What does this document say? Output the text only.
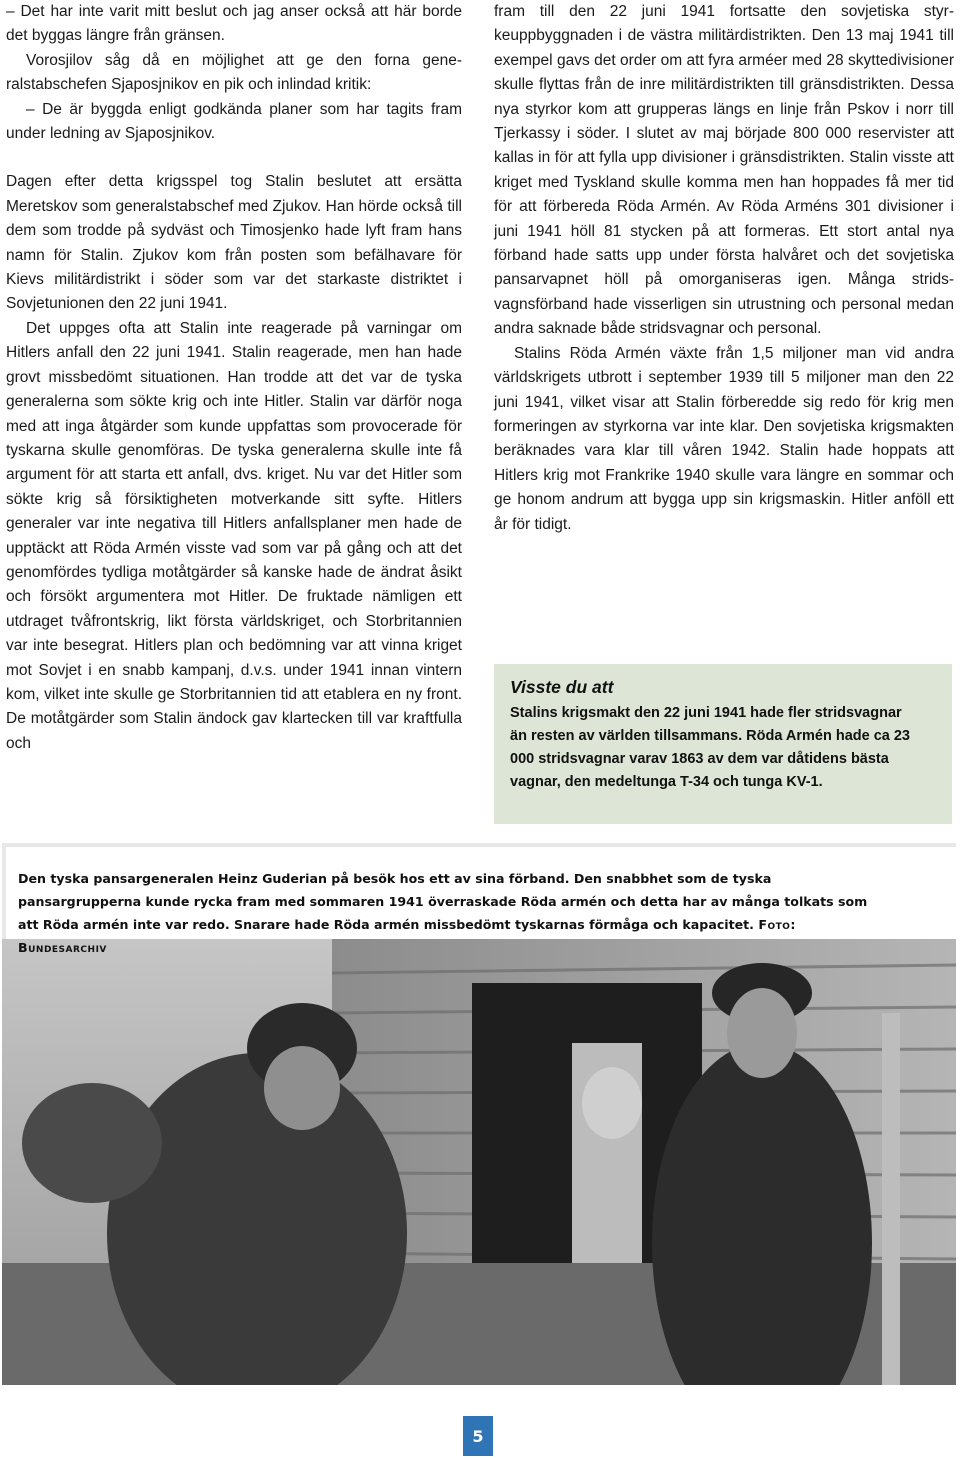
– Det har inte varit mitt beslut och jag anser också att här borde det byggas längre från gränsen.

Vorosjilov såg då en möjlighet att ge den forna generalstabschefen Sjaposjnikov en pik och inlindad kritik:

– De är byggda enligt godkända planer som har tagits fram under ledning av Sjaposjnikov.

Dagen efter detta krigsspel tog Stalin beslutet att ersätta Meretskov som generalstabschef med Zjukov. Han hörde också till dem som trodde på sydväst och Timosjenko hade lyft fram hans namn för Stalin. Zjukov kom från posten som befälhavare för Kievs militärdistrikt i söder som var det starkaste distriktet i Sovjetunionen den 22 juni 1941.

Det uppges ofta att Stalin inte reagerade på varningar om Hitlers anfall den 22 juni 1941. Stalin reagerade, men han hade grovt missbedömt situationen. Han trodde att det var de tyska generalerna som sökte krig och inte Hitler. Stalin var därför noga med att inga åtgärder som kunde uppfattas som provocerade för tyskarna skulle genomföras. De tyska generalerna skulle inte få argument för att starta ett anfall, dvs. kriget. Nu var det Hitler som sökte krig så försiktigheten motverkande sitt syfte. Hitlers generaler var inte negativa till Hitlers anfallsplaner men hade de upptäckt att Röda Armén visste vad som var på gång och att det genomfördes tydliga motåtgärder så kanske hade de ändrat åsikt och försökt argumentera mot Hitler. De fruktade nämligen ett utdraget tvåfrontskrig, likt första världskriget, och Storbritannien var inte besegrat. Hitlers plan och bedömning var att vinna kriget mot Sovjet i en snabb kampanj, d.v.s. under 1941 innan vintern kom, vilket inte skulle ge Storbritannien tid att etablera en ny front. De motåtgärder som Stalin ändock gav klartecken till var kraftfulla och

fram till den 22 juni 1941 fortsatte den sovjetiska styrkeuppbyggnaden i de västra militärdistrikten. Den 13 maj 1941 till exempel gavs det order om att fyra arméer med 28 skyttedivisioner skulle flyttas från de inre militärdistrikten till gränsdistrikten. Dessa nya styrkor kom att grupperas längs en linje från Pskov i norr till Tjerkassy i söder. I slutet av maj började 800 000 reservister att kallas in för att fylla upp divisioner i gränsdistrikten. Stalin visste att kriget med Tyskland skulle komma men han hoppades få mer tid för att förbereda Röda Armén. Av Röda Arméns 301 divisioner i juni 1941 höll 81 stycken på att formeras. Ett stort antal nya förband hade satts upp under första halvåret och det sovjetiska pansarvapnet höll på omorganiseras igen. Många stridsvagnsförband hade visserligen sin utrustning och personal medan andra saknade både stridsvagnar och personal.

Stalins Röda Armén växte från 1,5 miljoner man vid andra världskrigets utbrott i september 1939 till 5 miljoner man den 22 juni 1941, vilket visar att Stalin förberedde sig redo för krig men formeringen av styrkorna var inte klar. Den sovjetiska krigsmakten beräknades vara klar till våren 1942. Stalin hade hoppats att Hitlers krig mot Frankrike 1940 skulle vara längre en sommar och ge honom andrum att bygga upp sin krigsmaskin. Hitler anföll ett år för tidigt.

Visste du att

Stalins krigsmakt den 22 juni 1941 hade fler stridsvagnar än resten av världen tillsammans. Röda Armén hade ca 23 000 stridsvagnar varav 1863 av dem var dåtidens bästa vagnar, den medeltunga T-34 och tunga KV-1.

Den tyska pansargeneralen Heinz Guderian på besök hos ett av sina förband. Den snabbhet som de tyska pansargrupperna kunde rycka fram med sommaren 1941 överraskade Röda armén och detta har av många tolkats som att Röda armén inte var redo. Snarare hade Röda armén missbedömt tyskarnas förmåga och kapacitet. Foto: Bundesarchiv
5
